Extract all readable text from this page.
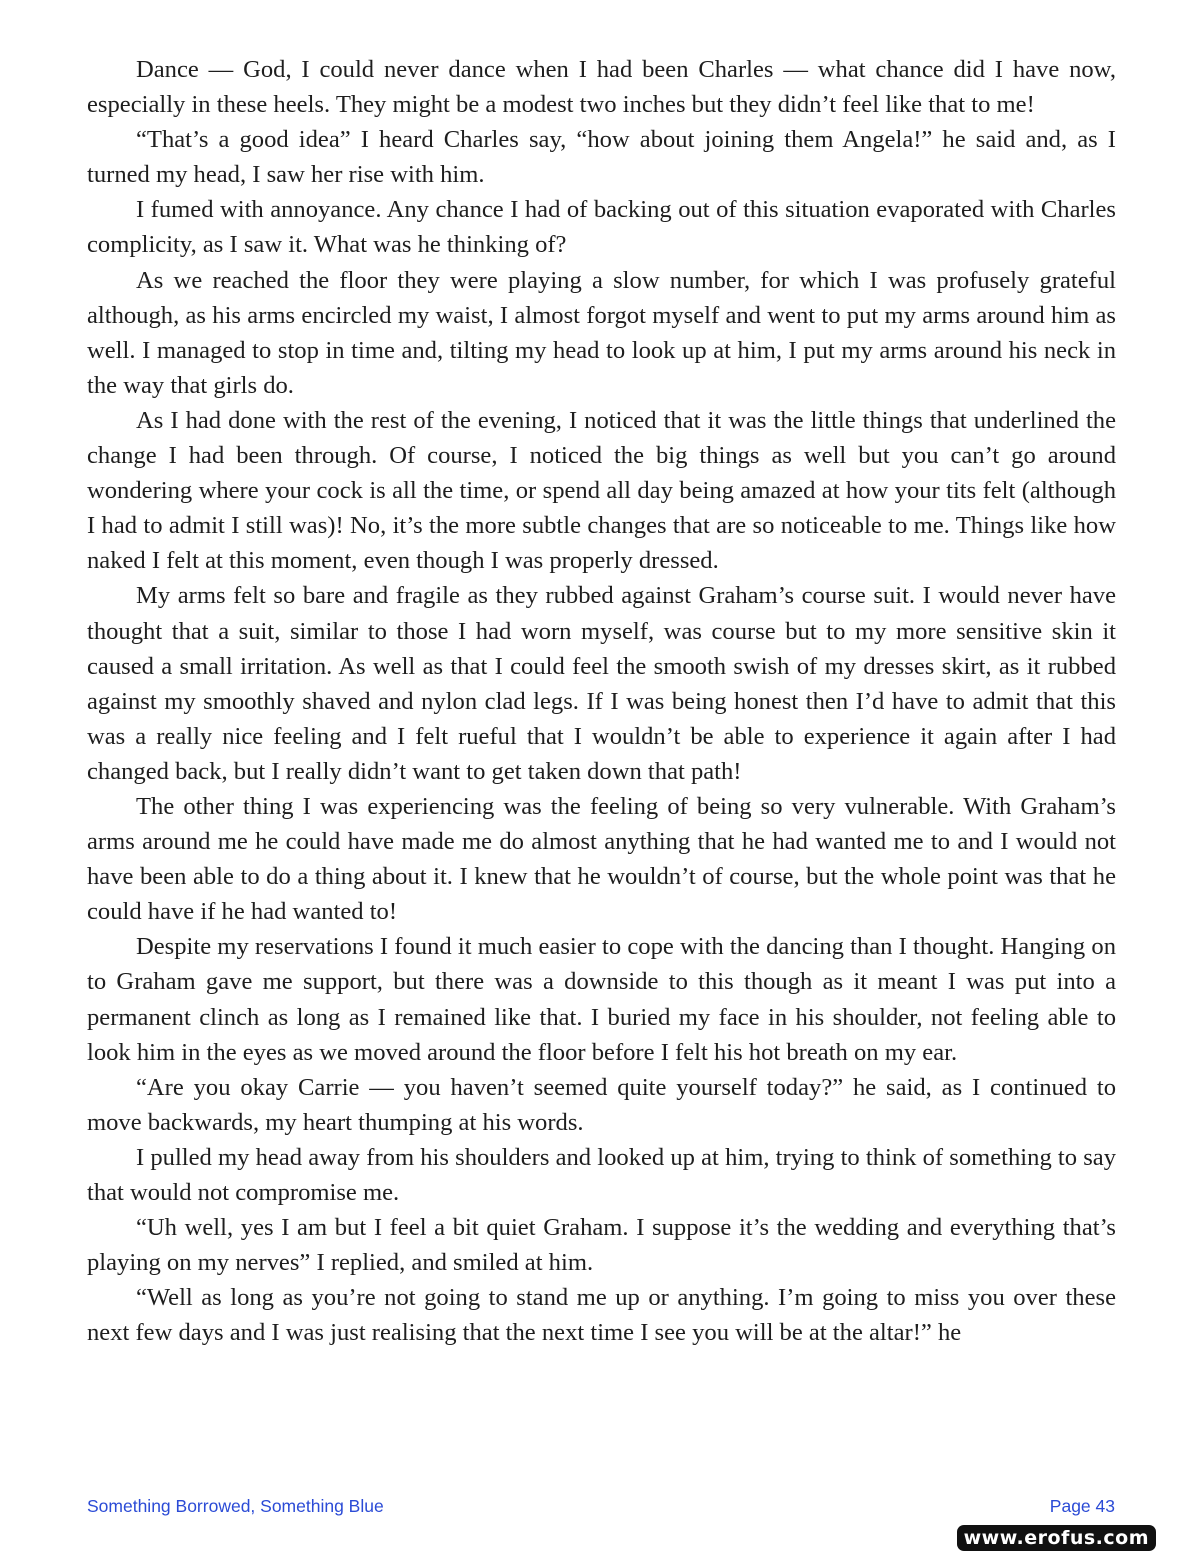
Dance — God, I could never dance when I had been Charles — what chance did I have now, especially in these heels. They might be a modest two inches but they didn’t feel like that to me!

“That’s a good idea” I heard Charles say, “how about joining them Angela!” he said and, as I turned my head, I saw her rise with him.

I fumed with annoyance. Any chance I had of backing out of this situation evaporated with Charles complicity, as I saw it. What was he thinking of?

As we reached the floor they were playing a slow number, for which I was profusely grateful although, as his arms encircled my waist, I almost forgot myself and went to put my arms around him as well. I managed to stop in time and, tilting my head to look up at him, I put my arms around his neck in the way that girls do.

As I had done with the rest of the evening, I noticed that it was the little things that underlined the change I had been through. Of course, I noticed the big things as well but you can’t go around wondering where your cock is all the time, or spend all day being amazed at how your tits felt (although I had to admit I still was)! No, it’s the more subtle changes that are so noticeable to me. Things like how naked I felt at this moment, even though I was properly dressed.

My arms felt so bare and fragile as they rubbed against Graham’s course suit. I would never have thought that a suit, similar to those I had worn myself, was course but to my more sensitive skin it caused a small irritation. As well as that I could feel the smooth swish of my dresses skirt, as it rubbed against my smoothly shaved and nylon clad legs. If I was being honest then I’d have to admit that this was a really nice feeling and I felt rueful that I wouldn’t be able to experience it again after I had changed back, but I really didn’t want to get taken down that path!

The other thing I was experiencing was the feeling of being so very vulnerable. With Graham’s arms around me he could have made me do almost anything that he had wanted me to and I would not have been able to do a thing about it. I knew that he wouldn’t of course, but the whole point was that he could have if he had wanted to!

Despite my reservations I found it much easier to cope with the dancing than I thought. Hanging on to Graham gave me support, but there was a downside to this though as it meant I was put into a permanent clinch as long as I remained like that. I buried my face in his shoulder, not feeling able to look him in the eyes as we moved around the floor before I felt his hot breath on my ear.

“Are you okay Carrie — you haven’t seemed quite yourself today?” he said, as I continued to move backwards, my heart thumping at his words.

I pulled my head away from his shoulders and looked up at him, trying to think of something to say that would not compromise me.

“Uh well, yes I am but I feel a bit quiet Graham. I suppose it’s the wedding and everything that’s playing on my nerves” I replied, and smiled at him.

“Well as long as you’re not going to stand me up or anything. I’m going to miss you over these next few days and I was just realising that the next time I see you will be at the altar!” he

Something Borrowed, Something Blue	Page 43
www.erofus.com
